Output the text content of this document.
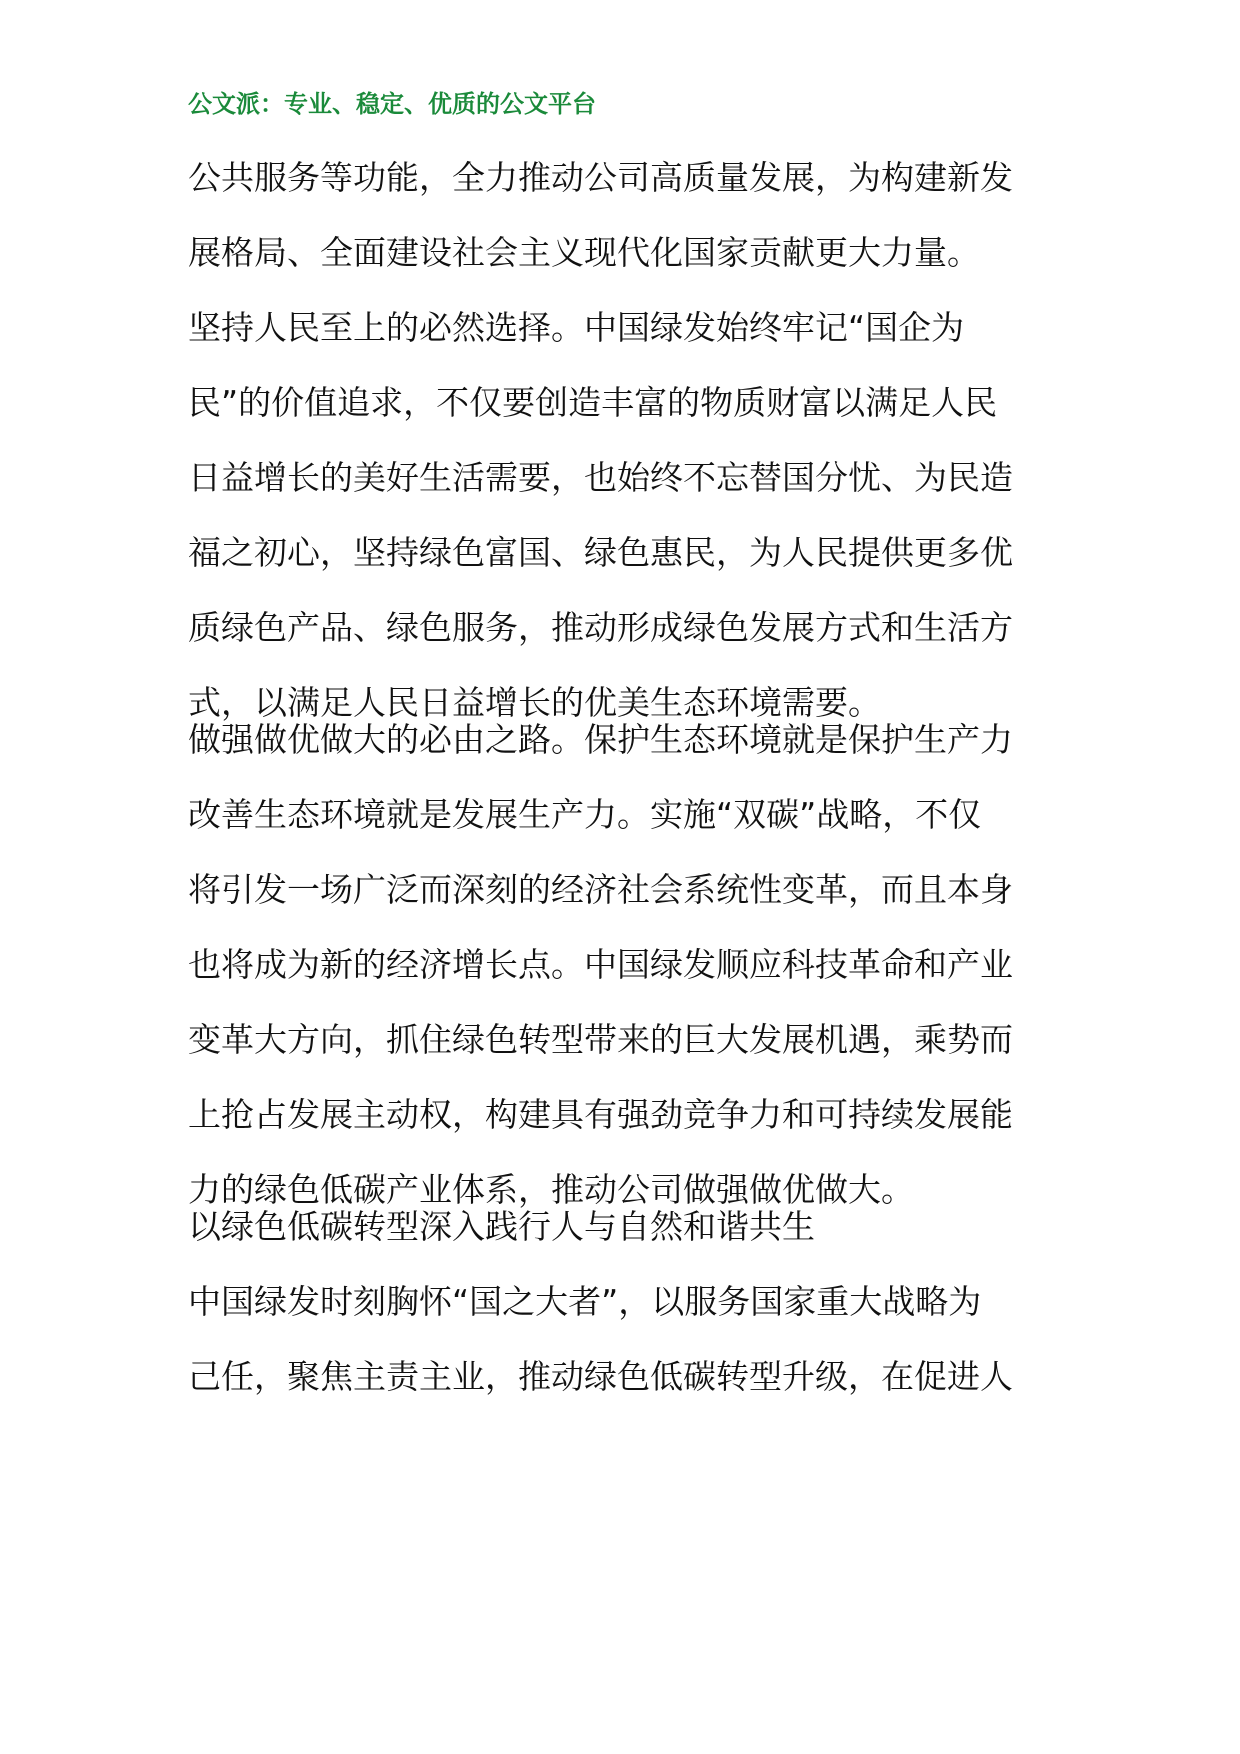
公文派：专业、稳定、优质的公文平台
公共服务等功能，全力推动公司高质量发展，为构建新发
展格局、全面建设社会主义现代化国家贡献更大力量。
坚持人民至上的必然选择。中国绿发始终牢记“国企为
民”的价值追求，不仅要创造丰富的物质财富以满足人民
日益增长的美好生活需要，也始终不忘替国分忧、为民造
福之初心，坚持绿色富国、绿色惠民，为人民提供更多优
质绿色产品、绿色服务，推动形成绿色发展方式和生活方
式，以满足人民日益增长的优美生态环境需要。
做强做优做大的必由之路。保护生态环境就是保护生产力
改善生态环境就是发展生产力。实施“双碳”战略，不仅
将引发一场广泛而深刻的经济社会系统性变革，而且本身
也将成为新的经济增长点。中国绿发顺应科技革命和产业
变革大方向，抓住绿色转型带来的巨大发展机遇，乘势而
上抢占发展主动权，构建具有强劲竞争力和可持续发展能
力的绿色低碳产业体系，推动公司做强做优做大。
以绿色低碳转型深入践行人与自然和谐共生
中国绿发时刻胸怀“国之大者”，以服务国家重大战略为
己任，聚焦主责主业，推动绿色低碳转型升级，在促进人
